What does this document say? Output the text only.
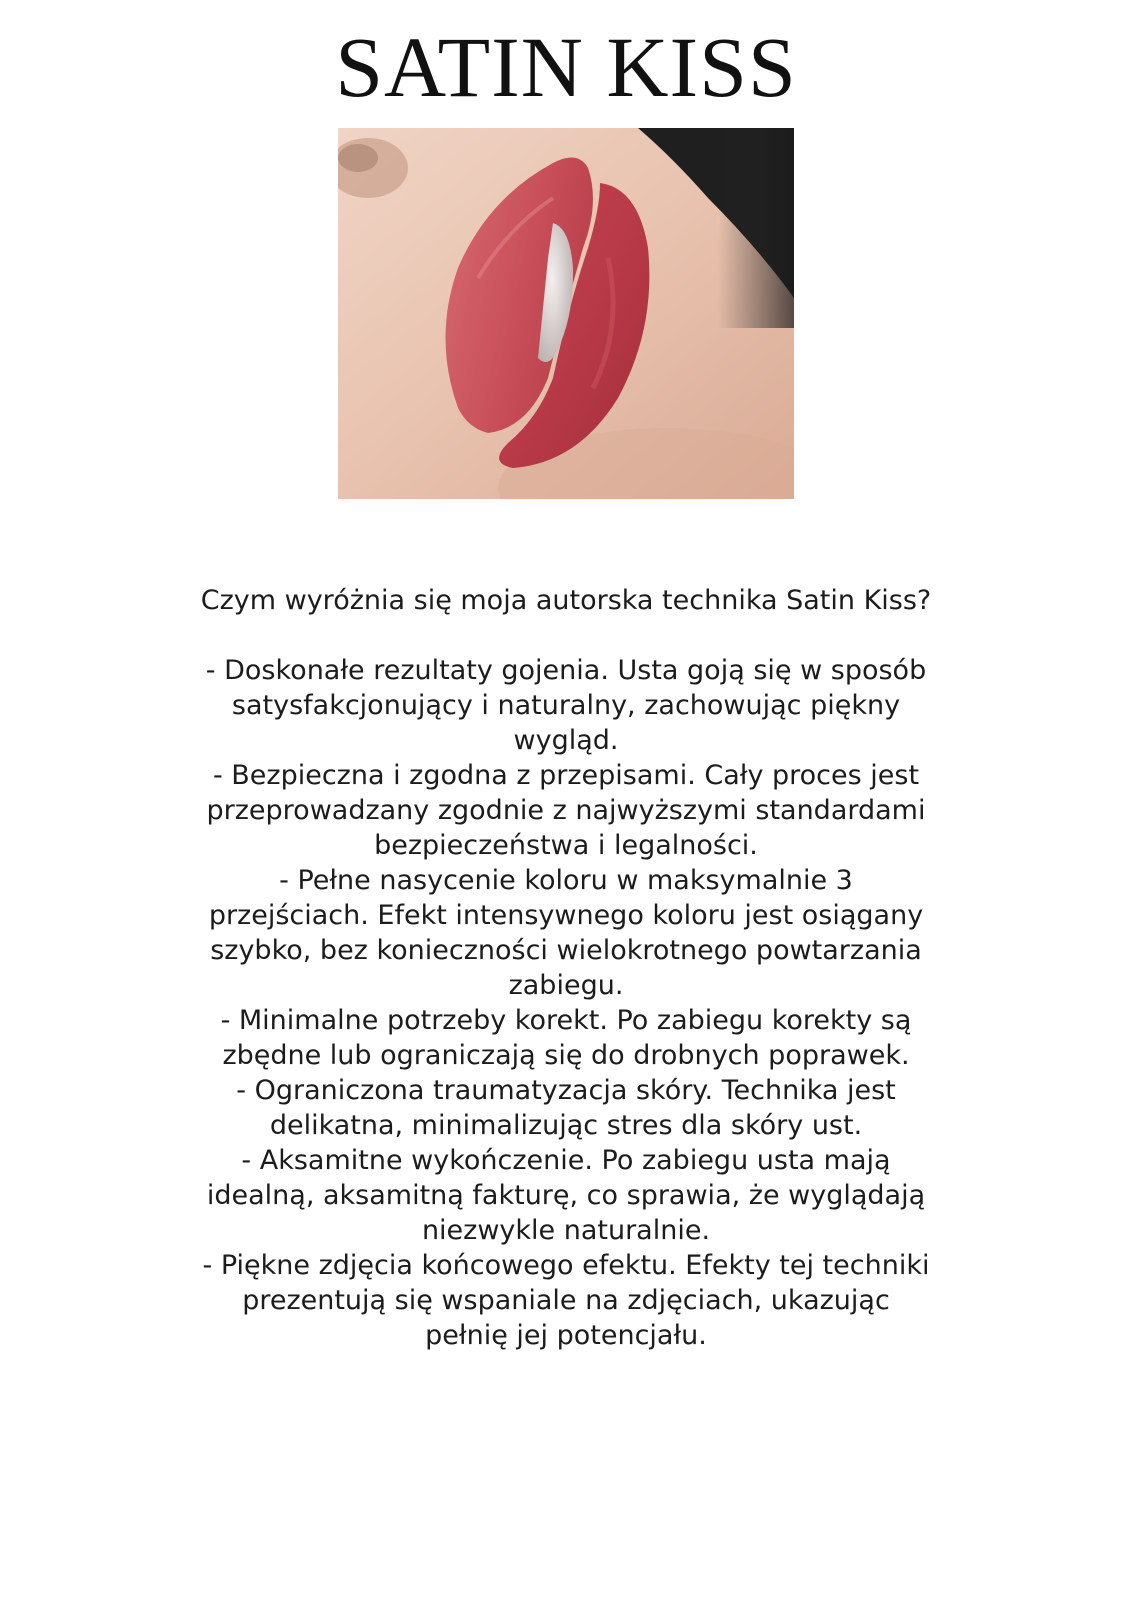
SATIN KISS

Czym wyróżnia się moja autorska technika Satin Kiss?

- Doskonałe rezultaty gojenia. Usta goją się w sposób satysfakcjonujący i naturalny, zachowując piękny wygląd.

- Bezpieczna i zgodna z przepisami. Cały proces jest przeprowadzany zgodnie z najwyższymi standardami bezpieczeństwa i legalności.

- Pełne nasycenie koloru w maksymalnie 3 przejściach. Efekt intensywnego koloru jest osiągany szybko, bez konieczności wielokrotnego powtarzania zabiegu.

- Minimalne potrzeby korekt. Po zabiegu korekty są zbędne lub ograniczają się do drobnych poprawek.

- Ograniczona traumatyzacja skóry. Technika jest delikatna, minimalizując stres dla skóry ust.

- Aksamitne wykończenie. Po zabiegu usta mają idealną, aksamitną fakturę, co sprawia, że wyglądają niezwykle naturalnie.

- Piękne zdjęcia końcowego efektu. Efekty tej techniki prezentują się wspaniale na zdjęciach, ukazując pełnię jej potencjału.
